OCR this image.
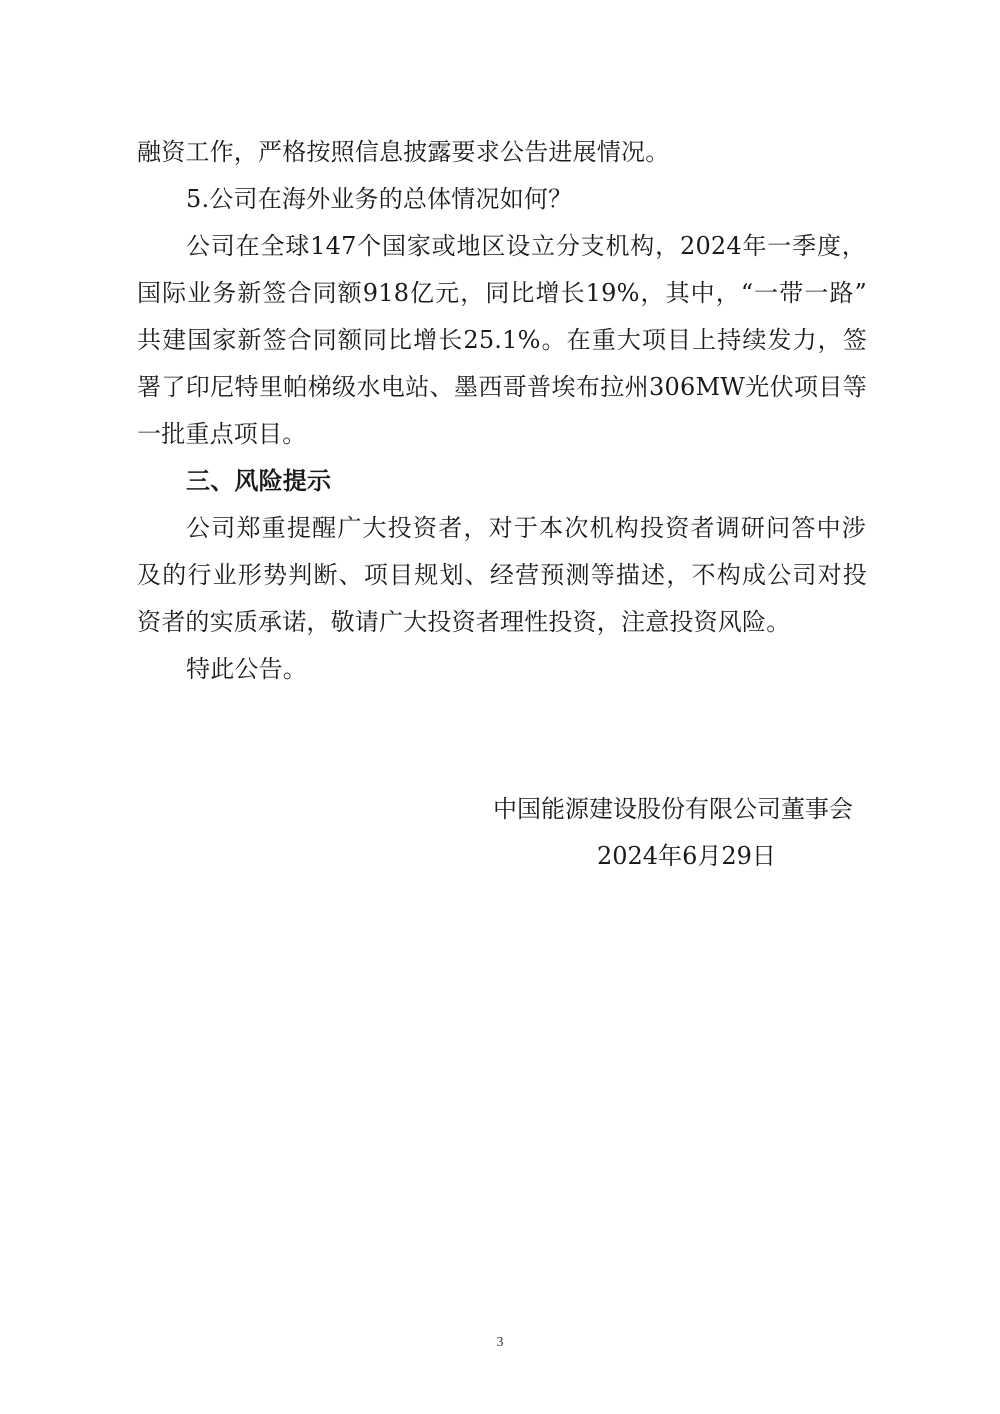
融资工作，严格按照信息披露要求公告进展情况。
5.公司在海外业务的总体情况如何？
公司在全球147个国家或地区设立分支机构，2024年一季度，
国际业务新签合同额918亿元，同比增长19%，其中，“一带一路”
共建国家新签合同额同比增长25.1%。在重大项目上持续发力，签
署了印尼特里帕梯级水电站、墨西哥普埃布拉州306MW光伏项目等
一批重点项目。
三、风险提示
公司郑重提醒广大投资者，对于本次机构投资者调研问答中涉
及的行业形势判断、项目规划、经营预测等描述，不构成公司对投
资者的实质承诺，敬请广大投资者理性投资，注意投资风险。
特此公告。
中国能源建设股份有限公司董事会
2024年6月29日
3
